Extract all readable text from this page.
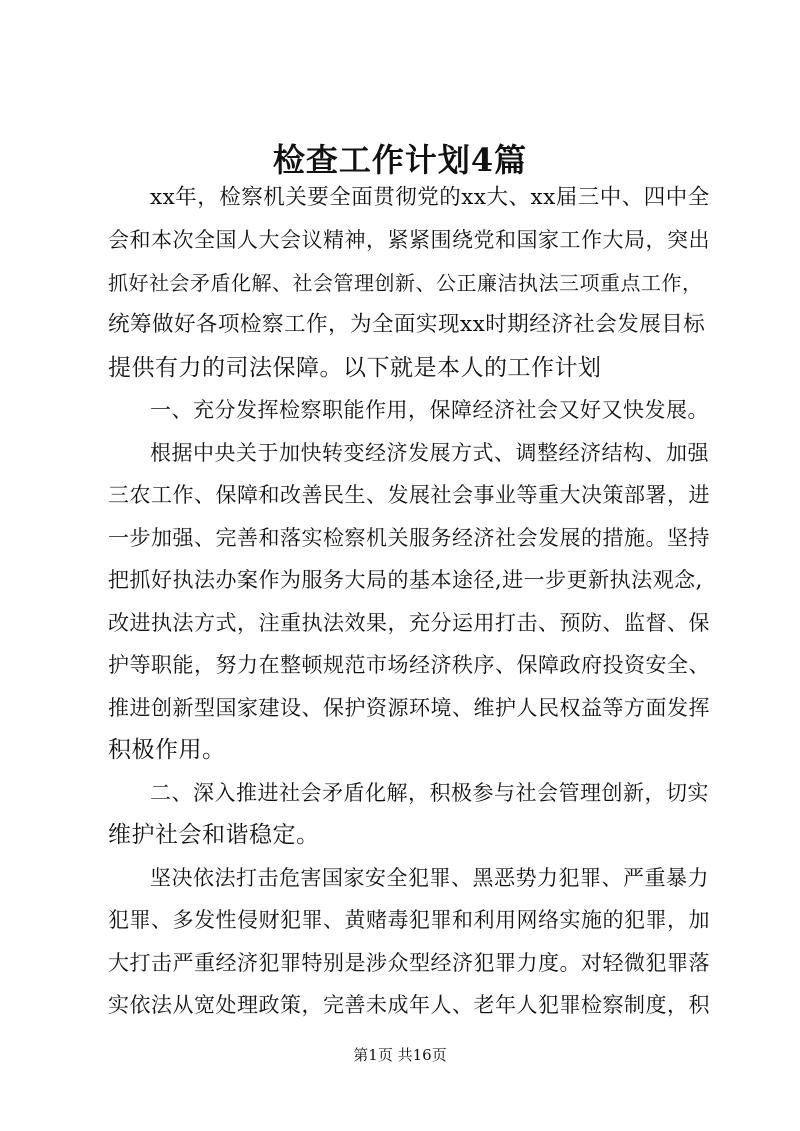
检查工作计划4篇
xx年，检察机关要全面贯彻党的xx大、xx届三中、四中全
会和本次全国人大会议精神，紧紧围绕党和国家工作大局，突出
抓好社会矛盾化解、社会管理创新、公正廉洁执法三项重点工作，
统筹做好各项检察工作，为全面实现xx时期经济社会发展目标
提供有力的司法保障。以下就是本人的工作计划
一、充分发挥检察职能作用，保障经济社会又好又快发展。
根据中央关于加快转变经济发展方式、调整经济结构、加强
三农工作、保障和改善民生、发展社会事业等重大决策部署，进
一步加强、完善和落实检察机关服务经济社会发展的措施。坚持
把抓好执法办案作为服务大局的基本途径,进一步更新执法观念,
改进执法方式，注重执法效果，充分运用打击、预防、监督、保
护等职能，努力在整顿规范市场经济秩序、保障政府投资安全、
推进创新型国家建设、保护资源环境、维护人民权益等方面发挥
积极作用。
二、深入推进社会矛盾化解，积极参与社会管理创新，切实
维护社会和谐稳定。
坚决依法打击危害国家安全犯罪、黑恶势力犯罪、严重暴力
犯罪、多发性侵财犯罪、黄赌毒犯罪和利用网络实施的犯罪，加
大打击严重经济犯罪特别是涉众型经济犯罪力度。对轻微犯罪落
实依法从宽处理政策，完善未成年人、老年人犯罪检察制度，积
第1页 共16页
